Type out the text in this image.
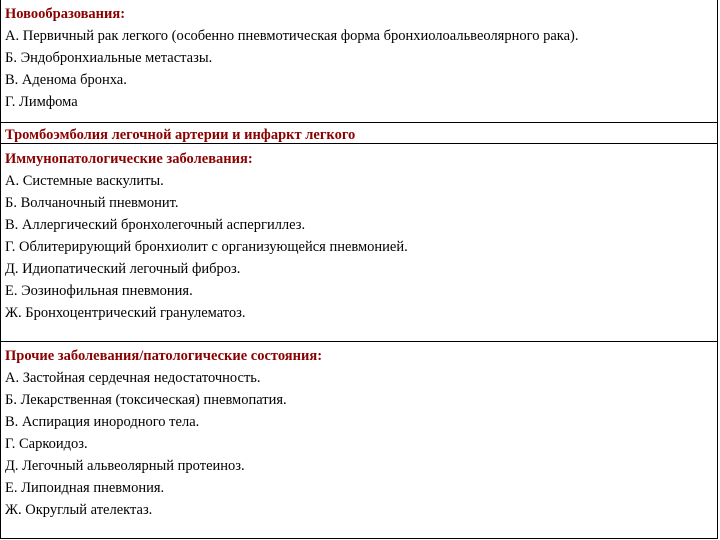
Новообразования:
А. Первичный рак легкого (особенно пневмотическая форма бронхиолоальвеолярного рака).
Б. Эндобронхиальные метастазы.
В. Аденома бронха.
Г. Лимфома
Тромбоэмболия легочной артерии и инфаркт легкого
Иммунопатологические заболевания:
А. Системные васкулиты.
Б. Волчаночный пневмонит.
В. Аллергический бронхолегочный аспергиллез.
Г. Облитерирующий бронхиолит с организующейся пневмонией.
Д. Идиопатический легочный фиброз.
Е. Эозинофильная пневмония.
Ж. Бронхоцентрический гранулематоз.
Прочие заболевания/патологические состояния:
А. Застойная сердечная недостаточность.
Б. Лекарственная (токсическая) пневмопатия.
В. Аспирация инородного тела.
Г. Саркоидоз.
Д. Легочный альвеолярный протеиноз.
Е. Липоидная пневмония.
Ж. Округлый ателектаз.
